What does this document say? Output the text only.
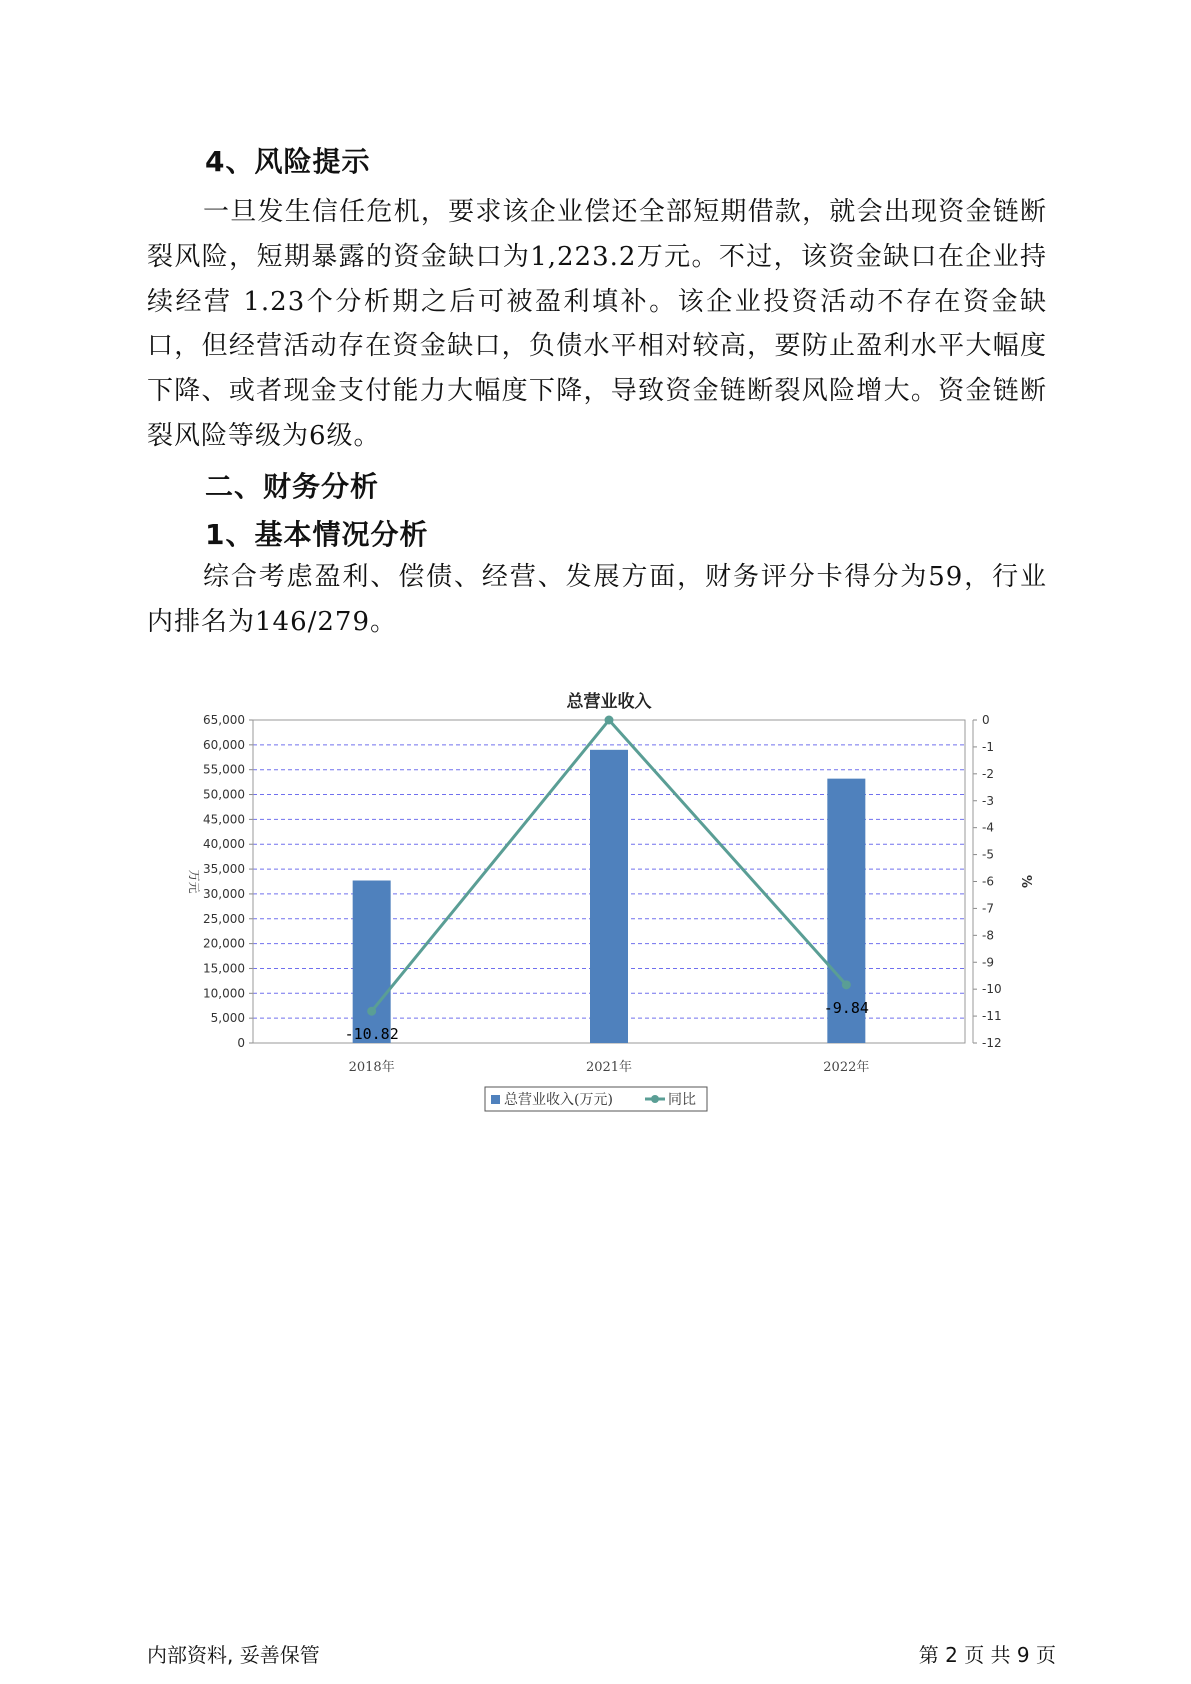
4、风险提示

一旦发生信任危机，要求该企业偿还全部短期借款，就会出现资金链断裂风险，短期暴露的资金缺口为1,223.2万元。不过，该资金缺口在企业持续经营 1.23个分析期之后可被盈利填补。该企业投资活动不存在资金缺口，但经营活动存在资金缺口，负债水平相对较高，要防止盈利水平大幅度下降、或者现金支付能力大幅度下降，导致资金链断裂风险增大。资金链断裂风险等级为6级。

二、财务分析
1、基本情况分析

综合考虑盈利、偿债、经营、发展方面，财务评分卡得分为59，行业内排名为146/279。

总营业收入
0
5,000
10,000
15,000
20,000
25,000
30,000
35,000
40,000
45,000
50,000
55,000
60,000
65,000	0
-1
-2
-3
-4
-5
-6
-7
-8
-9
-10
-11
-12
万元	%
2018年	2021年	2022年
-10.82
-9.84
总营业收入(万元)	同比

内部资料, 妥善保管	第 2 页 共 9 页
